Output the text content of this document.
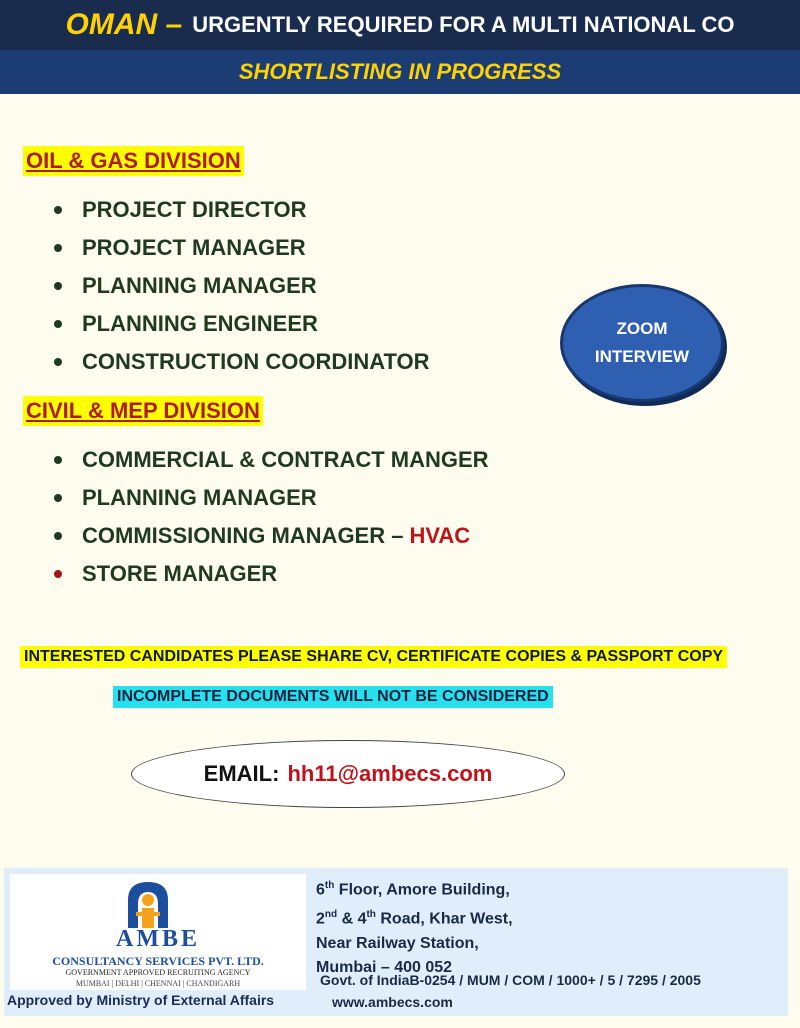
OMAN – URGENTLY REQUIRED FOR A MULTI NATIONAL CO
SHORTLISTING IN PROGRESS
OIL & GAS DIVISION
PROJECT DIRECTOR
PROJECT MANAGER
PLANNING MANAGER
PLANNING ENGINEER
CONSTRUCTION COORDINATOR
CIVIL & MEP DIVISION
COMMERCIAL & CONTRACT MANGER
PLANNING MANAGER
COMMISSIONING MANAGER – HVAC
STORE MANAGER
ZOOM
INTERVIEW
INTERESTED CANDIDATES PLEASE SHARE CV, CERTIFICATE COPIES & PASSPORT COPY
INCOMPLETE DOCUMENTS WILL NOT BE CONSIDERED
EMAIL: hh11@ambecs.com
AMBE
CONSULTANCY SERVICES PVT. LTD.
GOVERNMENT APPROVED RECRUITING AGENCY
MUMBAI | DELHI | CHENNAI | CHANDIGARH
Approved by Ministry of External Affairs
6th Floor, Amore Building,
2nd & 4th Road, Khar West,
Near Railway Station,
Mumbai – 400 052
Govt. of IndiaB-0254 / MUM / COM / 1000+ / 5 / 7295 / 2005
www.ambecs.com
